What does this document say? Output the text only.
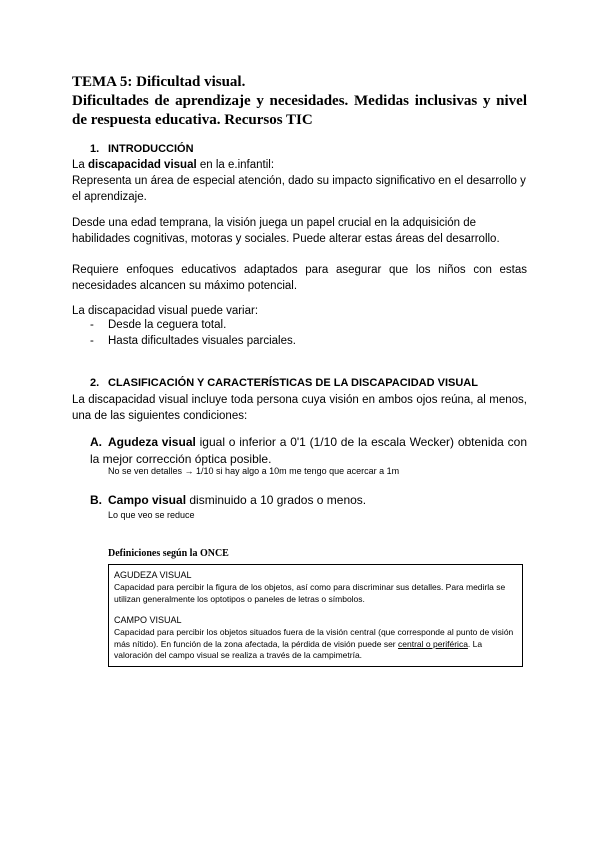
TEMA 5: Dificultad visual.
Dificultades de aprendizaje y necesidades. Medidas inclusivas y nivel de respuesta educativa. Recursos TIC
1. INTRODUCCIÓN
La discapacidad visual en la e.infantil:
Representa un área de especial atención, dado su impacto significativo en el desarrollo y el aprendizaje.
Desde una edad temprana, la visión juega un papel crucial en la adquisición de habilidades cognitivas, motoras y sociales. Puede alterar estas áreas del desarrollo.
Requiere enfoques educativos adaptados para asegurar que los niños con estas necesidades alcancen su máximo potencial.
La discapacidad visual puede variar:
- Desde la ceguera total.
- Hasta dificultades visuales parciales.
2. CLASIFICACIÓN Y CARACTERÍSTICAS DE LA DISCAPACIDAD VISUAL
La discapacidad visual incluye toda persona cuya visión en ambos ojos reúna, al menos, una de las siguientes condiciones:
A. Agudeza visual igual o inferior a 0'1 (1/10 de la escala Wecker) obtenida con la mejor corrección óptica posible.
No se ven detalles → 1/10 si hay algo a 10m me tengo que acercar a 1m
B. Campo visual disminuido a 10 grados o menos.
Lo que veo se reduce
Definiciones según la ONCE
AGUDEZA VISUAL
Capacidad para percibir la figura de los objetos, así como para discriminar sus detalles. Para medirla se utilizan generalmente los optotipos o paneles de letras o símbolos.
CAMPO VISUAL
Capacidad para percibir los objetos situados fuera de la visión central (que corresponde al punto de visión más nítido). En función de la zona afectada, la pérdida de visión puede ser central o periférica. La valoración del campo visual se realiza a través de la campimetría.
